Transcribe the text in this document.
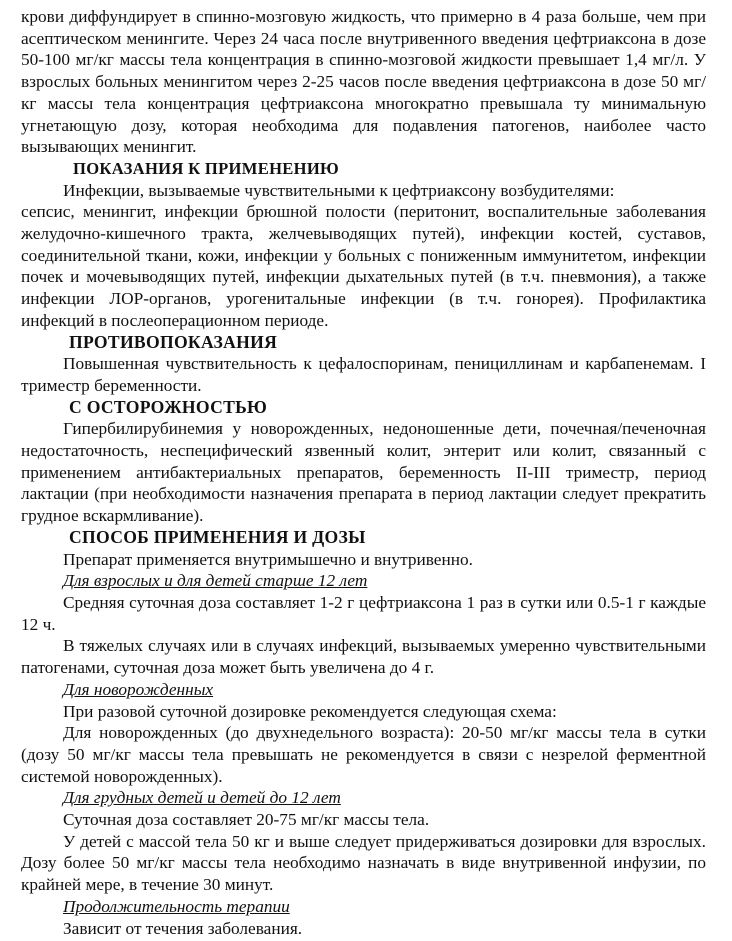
крови диффундирует в спинно-мозговую жидкость, что примерно в 4 раза больше, чем при асептическом менингите. Через 24 часа после внутривенного введения цефтриаксона в дозе 50-100 мг/кг массы тела концентрация в спинно-мозговой жидкости превышает 1,4 мг/л. У взрослых больных менингитом через 2-25 часов после введения цефтриаксона в дозе 50 мг/кг массы тела концентрация цефтриаксона многократно превышала ту минимальную угнетающую дозу, которая необходима для подавления патогенов, наиболее часто вызывающих менингит.

ПОКАЗАНИЯ К ПРИМЕНЕНИЮ

Инфекции, вызываемые чувствительными к цефтриаксону возбудителями:

сепсис, менингит, инфекции брюшной полости (перитонит, воспалительные заболевания желудочно-кишечного тракта, желчевыводящих путей), инфекции костей, суставов, соединительной ткани, кожи, инфекции у больных с пониженным иммунитетом, инфекции почек и мочевыводящих путей, инфекции дыхательных путей (в т.ч. пневмония), а также инфекции ЛОР-органов, урогенитальные инфекции (в т.ч. гонорея). Профилактика инфекций в послеоперационном периоде.

ПРОТИВОПОКАЗАНИЯ

Повышенная чувствительность к цефалоспоринам, пенициллинам и карбапенемам. I триместр беременности.

С ОСТОРОЖНОСТЬЮ

Гипербилирубинемия у новорожденных, недоношенные дети, почечная/печеночная недостаточность, неспецифический язвенный колит, энтерит или колит, связанный с применением антибактериальных препаратов, беременность II-III триместр, период лактации (при необходимости назначения препарата в период лактации следует прекратить грудное вскармливание).

СПОСОБ ПРИМЕНЕНИЯ И ДОЗЫ

Препарат применяется внутримышечно и внутривенно.

Для взрослых и для детей старше 12 лет

Средняя суточная доза составляет 1-2 г цефтриаксона 1 раз в сутки или 0.5-1 г каждые 12 ч.

В тяжелых случаях или в случаях инфекций, вызываемых умеренно чувствительными патогенами, суточная доза может быть увеличена до 4 г.

Для новорожденных

При разовой суточной дозировке рекомендуется следующая схема:

Для новорожденных (до двухнедельного возраста): 20-50 мг/кг массы тела в сутки (дозу 50 мг/кг массы тела превышать не рекомендуется в связи с незрелой ферментной системой новорожденных).

Для грудных детей и детей до 12 лет

Суточная доза составляет 20-75 мг/кг массы тела.

У детей с массой тела 50 кг и выше следует придерживаться дозировки для взрослых. Дозу более 50 мг/кг массы тела необходимо назначать в виде внутривенной инфузии, по крайней мере, в течение 30 минут.

Продолжительность терапии

Зависит от течения заболевания.
